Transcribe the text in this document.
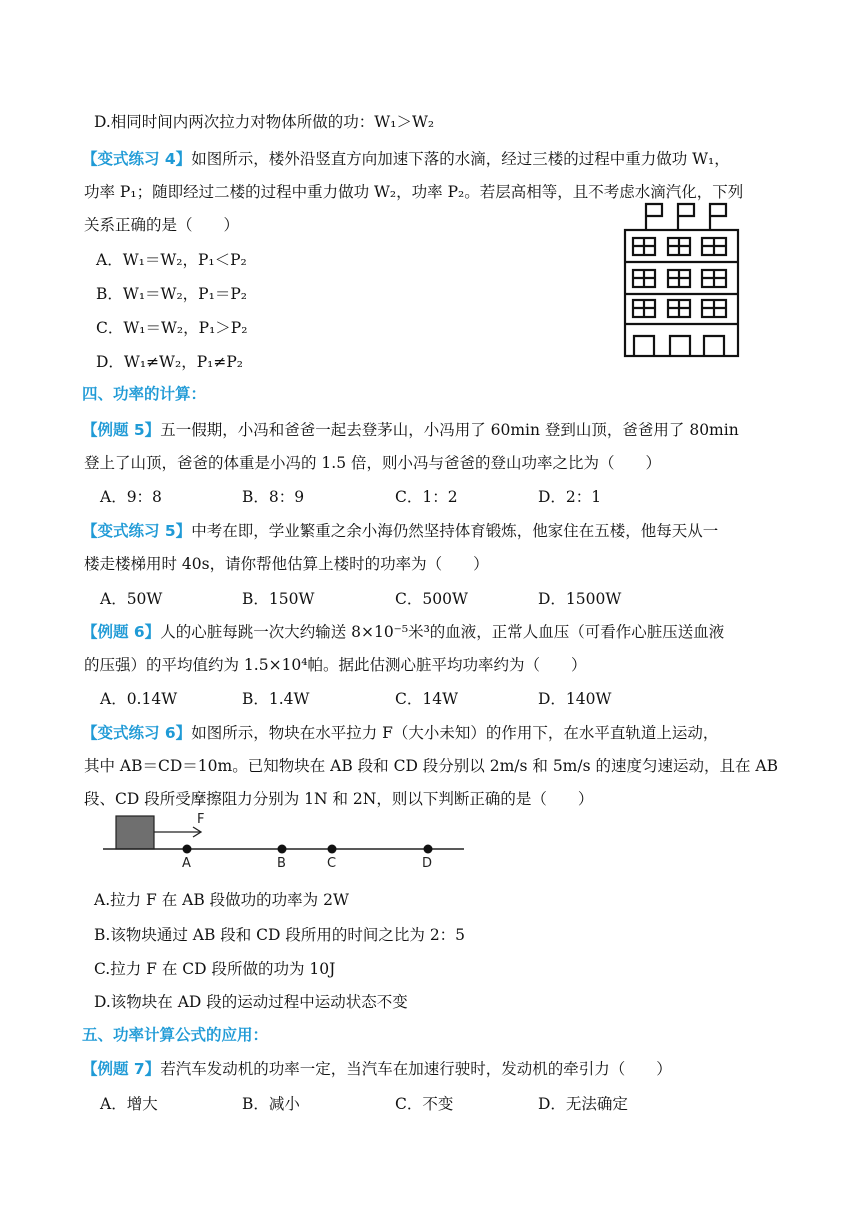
D.相同时间内两次拉力对物体所做的功：W₁＞W₂
【变式练习 4】如图所示，楼外沿竖直方向加速下落的水滴，经过三楼的过程中重力做功 W₁，
功率 P₁；随即经过二楼的过程中重力做功 W₂，功率 P₂。若层高相等，且不考虑水滴汽化，下列
关系正确的是（　　）
A．W₁＝W₂，P₁＜P₂
B．W₁＝W₂，P₁＝P₂
C．W₁＝W₂，P₁＞P₂
D．W₁≠W₂，P₁≠P₂
四、功率的计算：
【例题 5】五一假期，小冯和爸爸一起去登茅山，小冯用了 60min 登到山顶，爸爸用了 80min
登上了山顶，爸爸的体重是小冯的 1.5 倍，则小冯与爸爸的登山功率之比为（　　）
A．9：8	B．8：9	C．1：2	D．2：1
【变式练习 5】中考在即，学业繁重之余小海仍然坚持体育锻炼，他家住在五楼，他每天从一
楼走楼梯用时 40s，请你帮他估算上楼时的功率为（　　）
A．50W	B．150W	C．500W	D．1500W
【例题 6】人的心脏每跳一次大约输送 8×10⁻⁵米³的血液，正常人血压（可看作心脏压送血液
的压强）的平均值约为 1.5×10⁴帕。据此估测心脏平均功率约为（　　）
A．0.14W	B．1.4W	C．14W	D．140W
【变式练习 6】如图所示，物块在水平拉力 F（大小未知）的作用下，在水平直轨道上运动，
其中 AB＝CD＝10m。已知物块在 AB 段和 CD 段分别以 2m/s 和 5m/s 的速度匀速运动，且在 AB
段、CD 段所受摩擦阻力分别为 1N 和 2N，则以下判断正确的是（　　）
F
A	B	C	D
A.拉力 F 在 AB 段做功的功率为 2W
B.该物块通过 AB 段和 CD 段所用的时间之比为 2：5
C.拉力 F 在 CD 段所做的功为 10J
D.该物块在 AD 段的运动过程中运动状态不变
五、功率计算公式的应用：
【例题 7】若汽车发动机的功率一定，当汽车在加速行驶时，发动机的牵引力（　　）
A．增大	B．减小	C．不变	D．无法确定
